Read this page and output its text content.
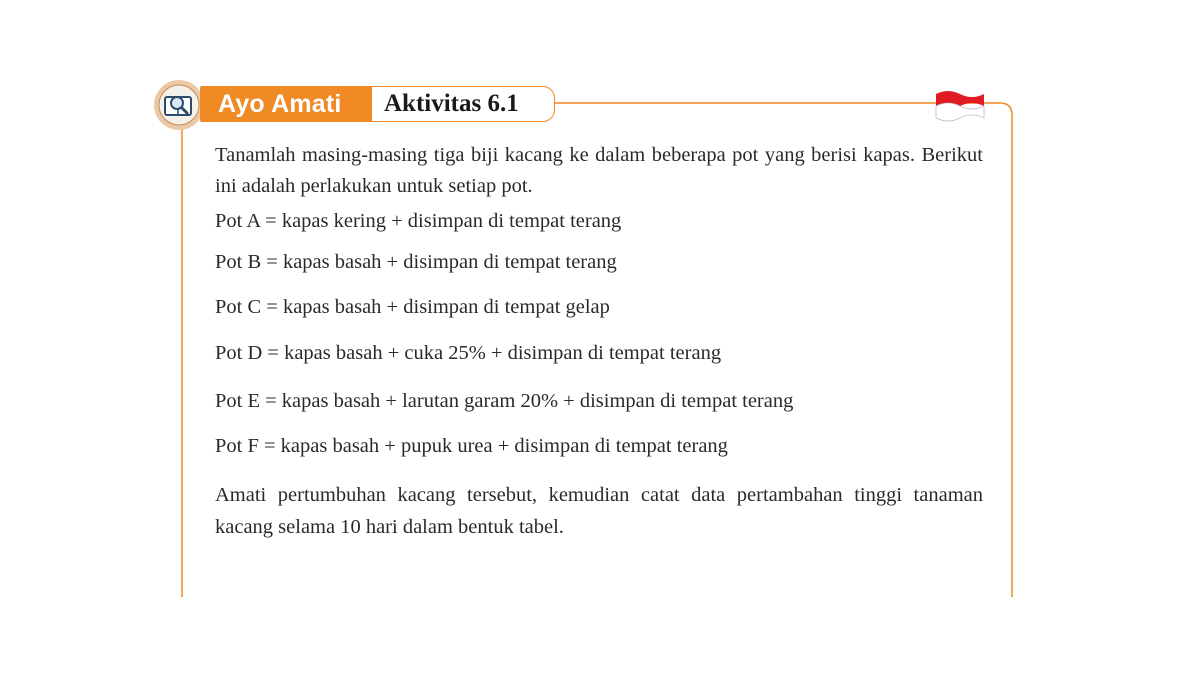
Ayo Amati Aktivitas 6.1

Tanamlah masing-masing tiga biji kacang ke dalam beberapa pot yang berisi kapas. Berikut ini adalah perlakukan untuk setiap pot.

Pot A = kapas kering + disimpan di tempat terang
Pot B = kapas basah + disimpan di tempat terang
Pot C = kapas basah + disimpan di tempat gelap
Pot D = kapas basah + cuka 25% + disimpan di tempat terang
Pot E = kapas basah + larutan garam 20% + disimpan di tempat terang
Pot F = kapas basah + pupuk urea + disimpan di tempat terang

Amati pertumbuhan kacang tersebut, kemudian catat data pertambahan tinggi tanaman kacang selama 10 hari dalam bentuk tabel.
